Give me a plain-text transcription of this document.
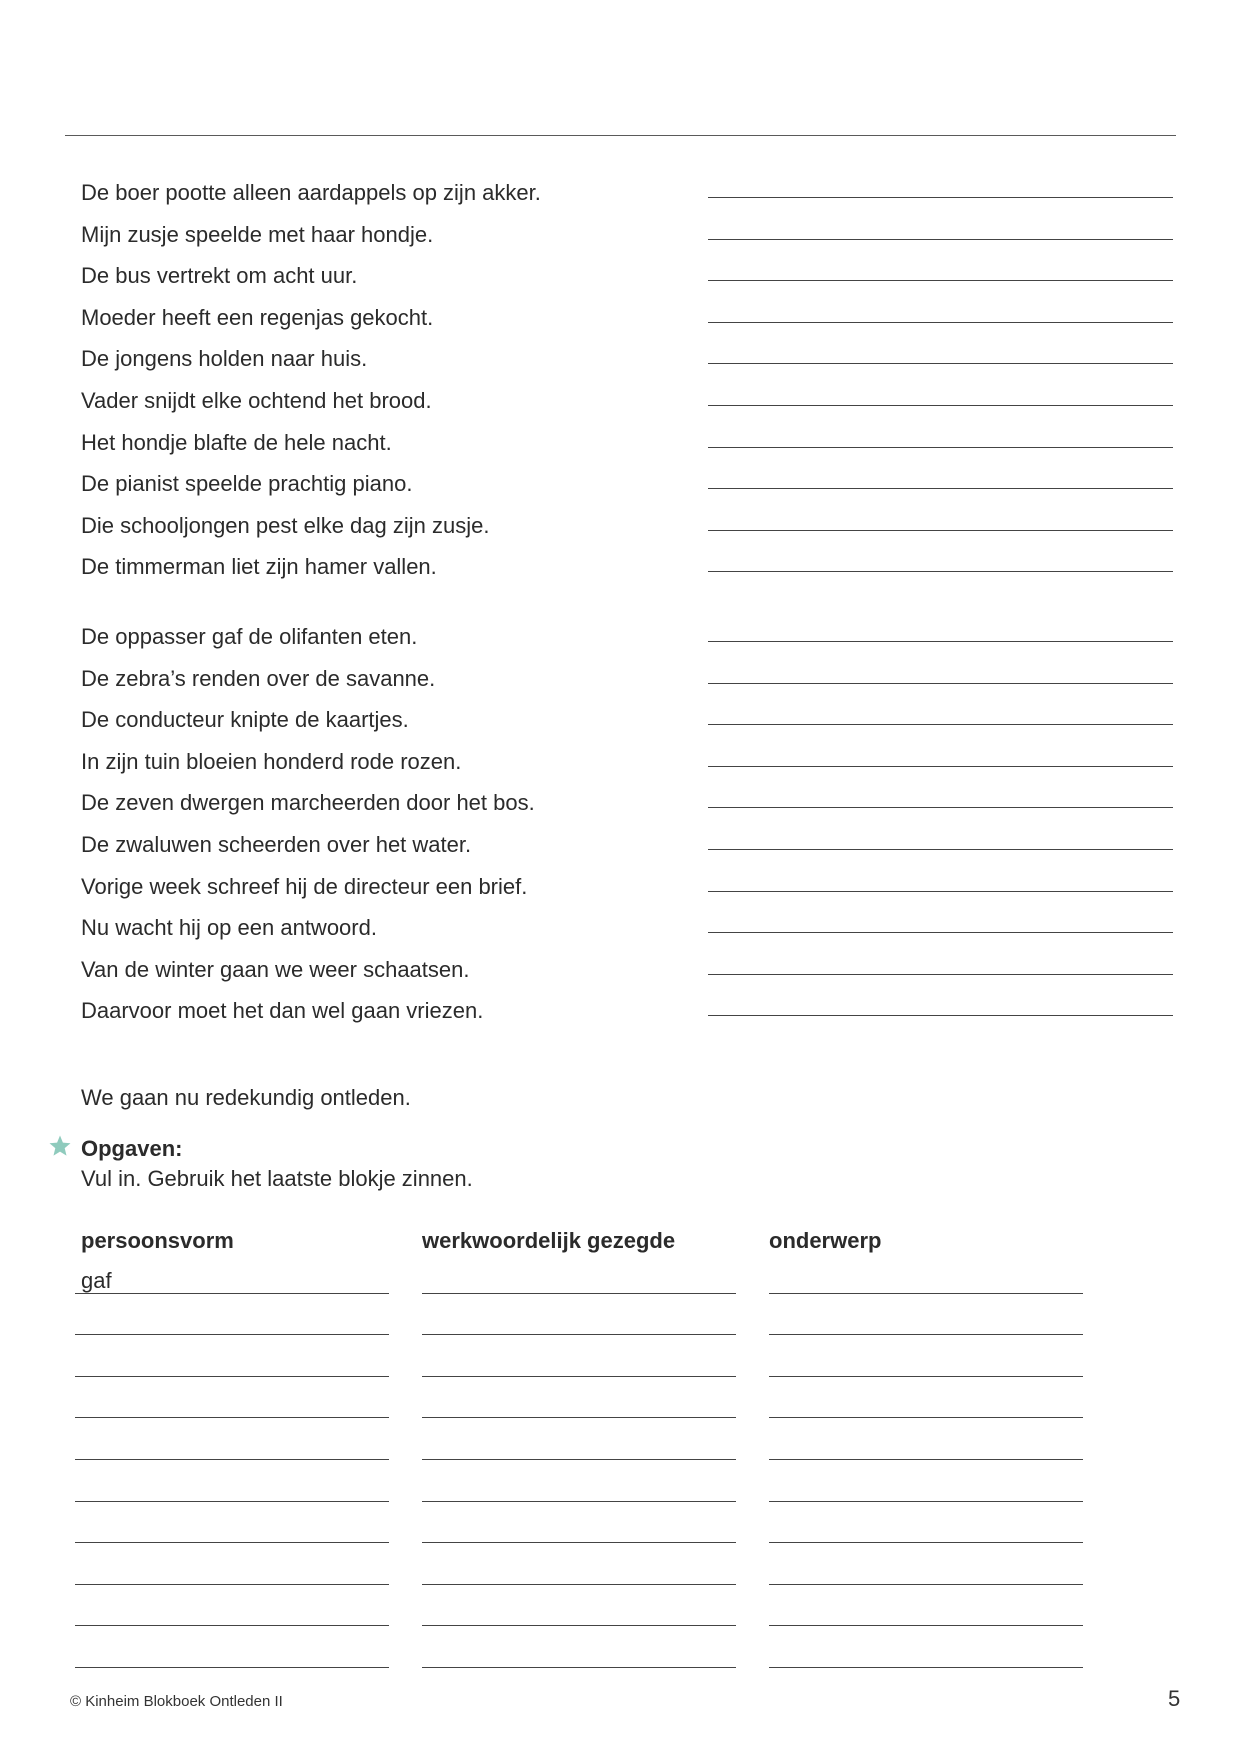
De boer pootte alleen aardappels op zijn akker.
Mijn zusje speelde met haar hondje.
De bus vertrekt om acht uur.
Moeder heeft een regenjas gekocht.
De jongens holden naar huis.
Vader snijdt elke ochtend het brood.
Het hondje blafte de hele nacht.
De pianist speelde prachtig piano.
Die schooljongen pest elke dag zijn zusje.
De timmerman liet zijn hamer vallen.
De oppasser gaf de olifanten eten.
De zebra’s renden over de savanne.
De conducteur knipte de kaartjes.
In zijn tuin bloeien honderd rode rozen.
De zeven dwergen marcheerden door het bos.
De zwaluwen scheerden over het water.
Vorige week schreef hij de directeur een brief.
Nu wacht hij op een antwoord.
Van de winter gaan we weer schaatsen.
Daarvoor moet het dan wel gaan vriezen.
We gaan nu redekundig ontleden.
Opgaven:
Vul in. Gebruik het laatste blokje zinnen.
persoonsvorm	werkwoordelijk gezegde	onderwerp
gaf
© Kinheim Blokboek Ontleden II	5
